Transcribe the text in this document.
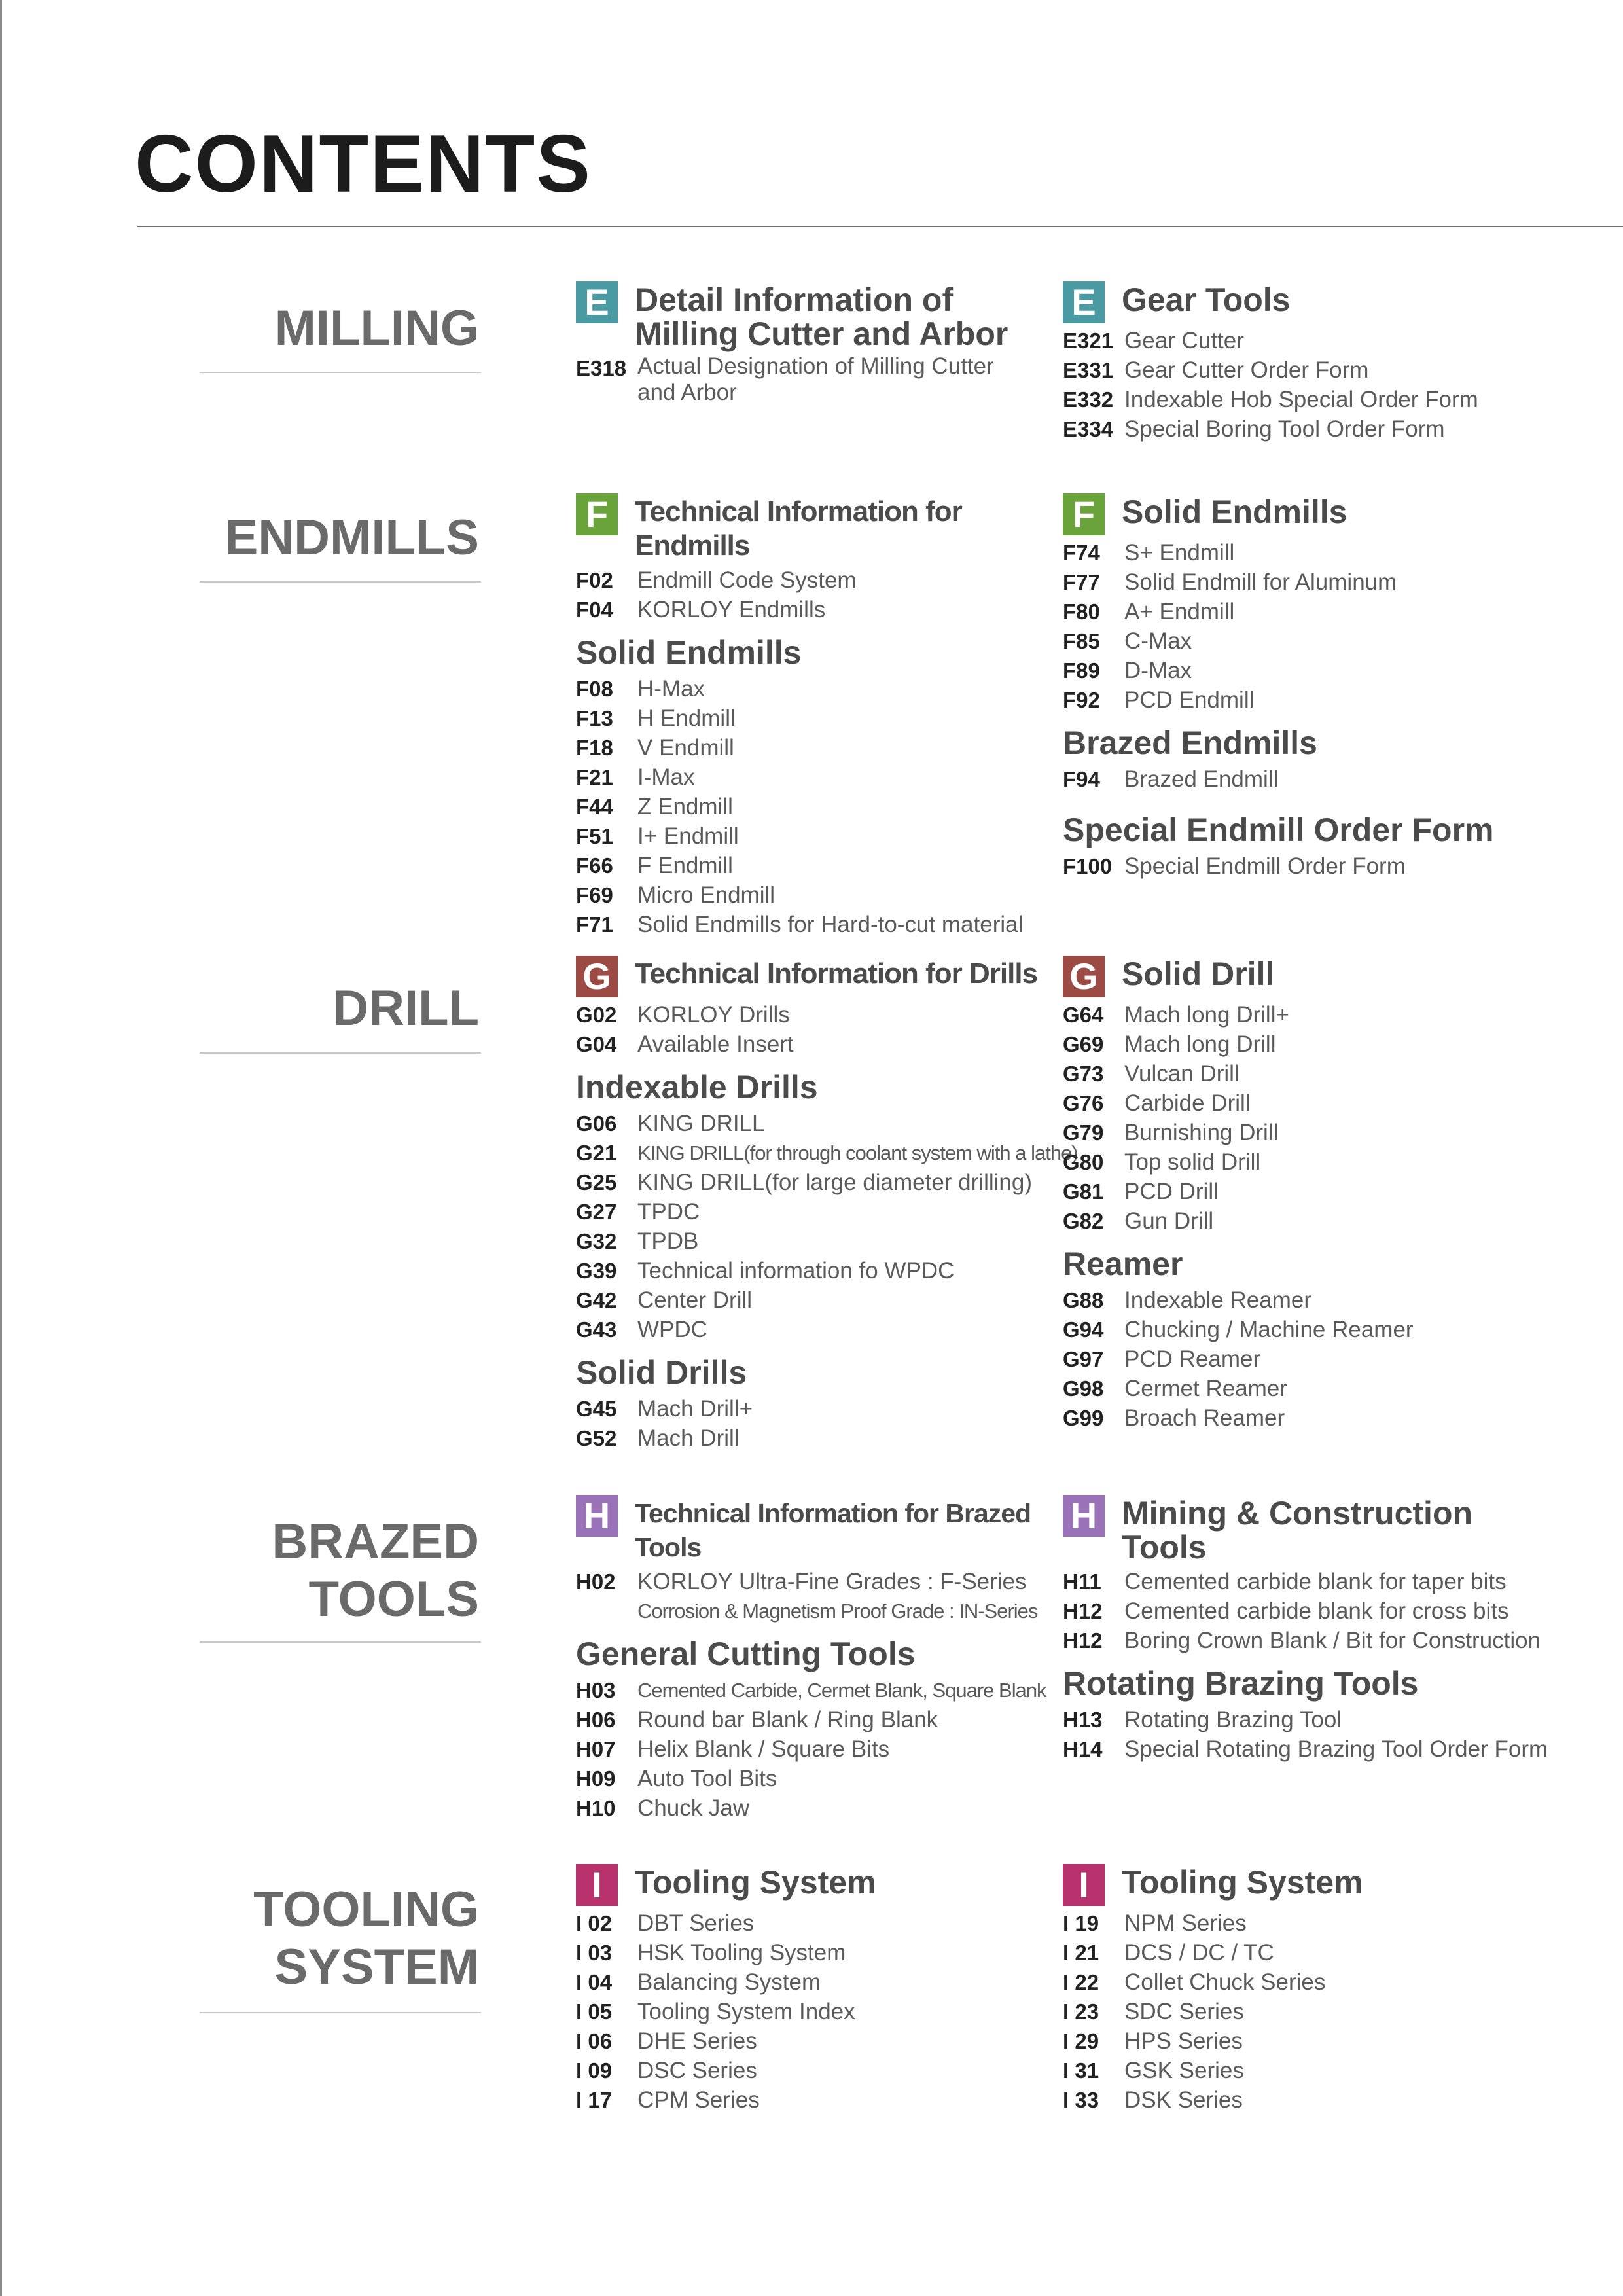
CONTENTS
MILLING	E Detail Information of Milling Cutter and Arbor
E318 Actual Designation of Milling Cutter and Arbor
E Gear Tools
E321 Gear Cutter
E331 Gear Cutter Order Form
E332 Indexable Hob Special Order Form
E334 Special Boring Tool Order Form
ENDMILLS	F Technical Information for Endmills
F02	Endmill Code System
F04	KORLOY Endmills
Solid Endmills
F08	H-Max
F13	H Endmill
F18	V Endmill
F21	I-Max
F44	Z Endmill
F51	I+ Endmill
F66	F Endmill
F69	Micro Endmill
F71	Solid Endmills for Hard-to-cut material
F Solid Endmills
F74	S+ Endmill
F77	Solid Endmill for Aluminum
F80	A+ Endmill
F85	C-Max
F89	D-Max
F92	PCD Endmill
Brazed Endmills
F94	Brazed Endmill
Special Endmill Order Form
F100 Special Endmill Order Form
DRILL
G Technical Information for Drills
G02 KORLOY Drills
G04 Available Insert
Indexable Drills
G06 KING DRILL
G21	KING DRILL(for through coolant system with a lathe)
G25 KING DRILL(for large diameter drilling)
G27 TPDC
G32 TPDB
G39 Technical information fo WPDC
G42 Center Drill
G43 WPDC
Solid Drills
G45 Mach Drill+
G52 Mach Drill
G Solid Drill
G64 Mach long Drill+
G69 Mach long Drill
G73 Vulcan Drill
G76 Carbide Drill
G79 Burnishing Drill
G80 Top solid Drill
G81 PCD Drill
G82 Gun Drill
Reamer
G88 Indexable Reamer
G94 Chucking / Machine Reamer
G97 PCD Reamer
G98 Cermet Reamer
G99 Broach Reamer
BRAZED
TOOLS
H Technical Information for Brazed Tools
H02 KORLOY Ultra-Fine Grades : F-Series
Corrosion & Magnetism Proof Grade : IN-Series
General Cutting Tools
H03	Cemented Carbide, Cermet Blank, Square Blank
H06 Round bar Blank / Ring Blank
H07 Helix Blank / Square Bits
H09 Auto Tool Bits
H10 Chuck Jaw
H Mining & Construction Tools
H11	Cemented carbide blank for taper bits
H12 Cemented carbide blank for cross bits
H12 Boring Crown Blank / Bit for Construction
Rotating Brazing Tools
H13 Rotating Brazing Tool
H14 Special Rotating Brazing Tool Order Form
TOOLING
SYSTEM
I	Tooling System
I 02	DBT Series
I 03	HSK Tooling System
I 04	Balancing System
I 05	Tooling System Index
I 06	DHE Series
I 09	DSC Series
I 17	CPM Series
I	Tooling System
I 19	NPM Series
I 21	DCS / DC / TC
I 22	Collet Chuck Series
I 23	SDC Series
I 29	HPS Series
I 31	GSK Series
I 33	DSK Series
